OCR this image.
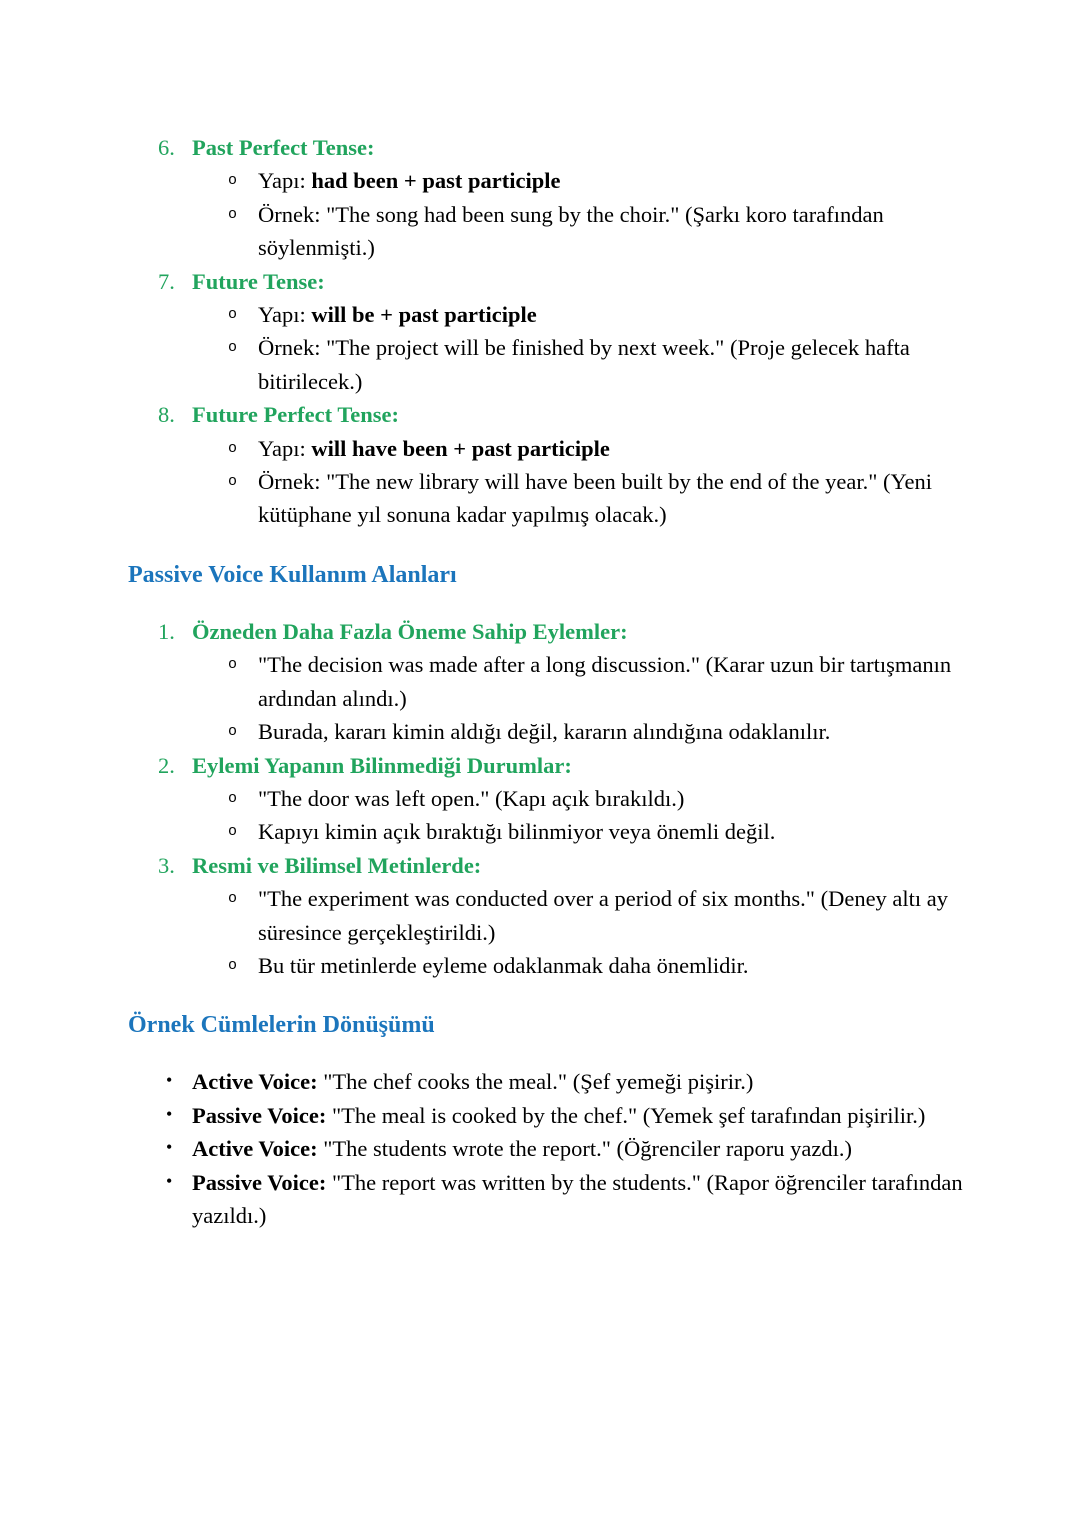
6. Past Perfect Tense:
o Yapı: had been + past participle
o Örnek: "The song had been sung by the choir." (Şarkı koro tarafından söylenmişti.)
7. Future Tense:
o Yapı: will be + past participle
o Örnek: "The project will be finished by next week." (Proje gelecek hafta bitirilecek.)
8. Future Perfect Tense:
o Yapı: will have been + past participle
o Örnek: "The new library will have been built by the end of the year." (Yeni kütüphane yıl sonuna kadar yapılmış olacak.)
Passive Voice Kullanım Alanları
1. Özneden Daha Fazla Öneme Sahip Eylemler:
o "The decision was made after a long discussion." (Karar uzun bir tartışmanın ardından alındı.)
o Burada, kararı kimin aldığı değil, kararın alındığına odaklanılır.
2. Eylemi Yapanın Bilinmediği Durumlar:
o "The door was left open." (Kapı açık bırakıldı.)
o Kapıyı kimin açık bıraktığı bilinmiyor veya önemli değil.
3. Resmi ve Bilimsel Metinlerde:
o "The experiment was conducted over a period of six months." (Deney altı ay süresince gerçekleştirildi.)
o Bu tür metinlerde eyleme odaklanmak daha önemlidir.
Örnek Cümlelerin Dönüşümü
• Active Voice: "The chef cooks the meal." (Şef yemeği pişirir.)
• Passive Voice: "The meal is cooked by the chef." (Yemek şef tarafından pişirilir.)
• Active Voice: "The students wrote the report." (Öğrenciler raporu yazdı.)
• Passive Voice: "The report was written by the students." (Rapor öğrenciler tarafından yazıldı.)
